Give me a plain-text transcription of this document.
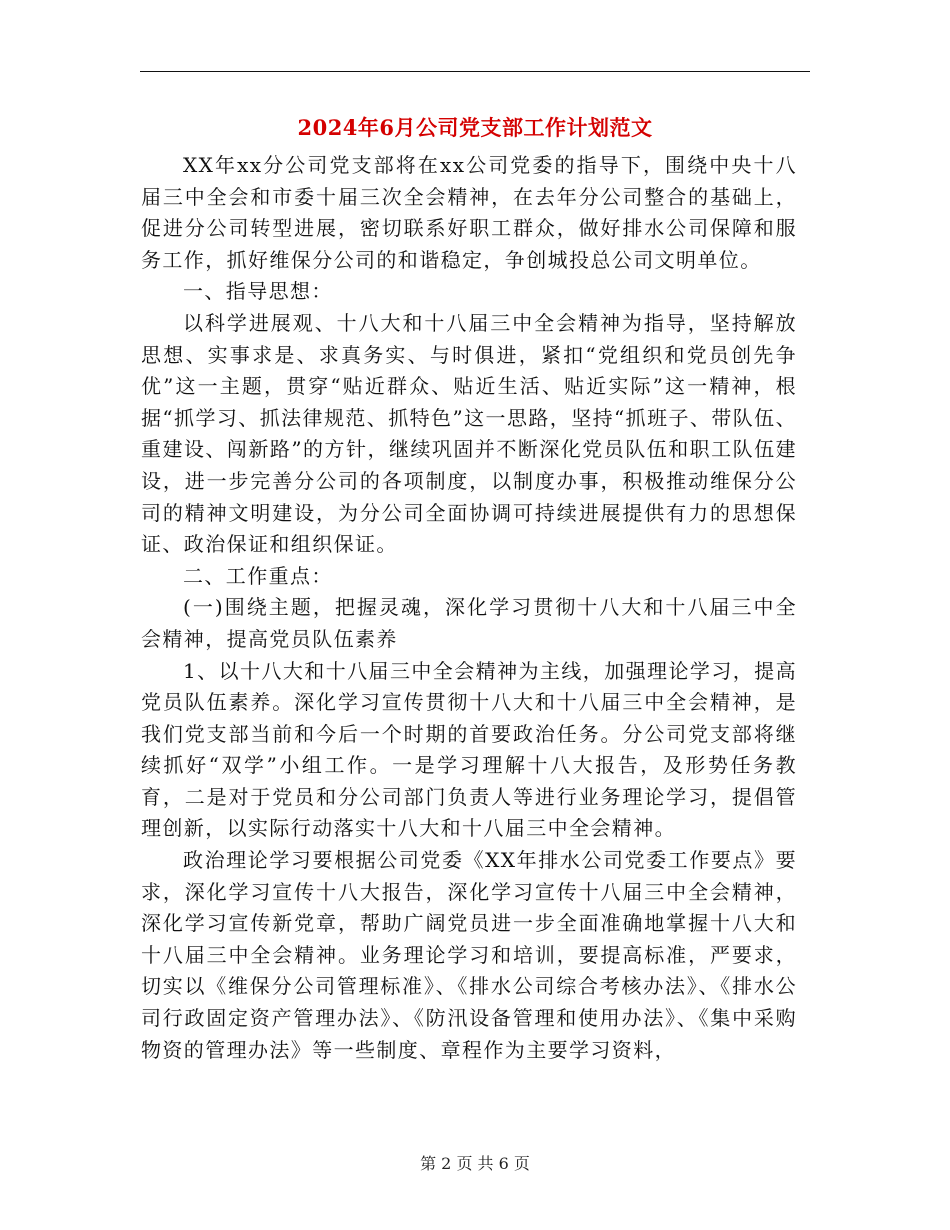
2024年6月公司党支部工作计划范文

XX年xx分公司党支部将在xx公司党委的指导下，围绕中央十八届三中全会和市委十届三次全会精神，在去年分公司整合的基础上，促进分公司转型进展，密切联系好职工群众，做好排水公司保障和服务工作，抓好维保分公司的和谐稳定，争创城投总公司文明单位。

一、指导思想：

以科学进展观、十八大和十八届三中全会精神为指导，坚持解放思想、实事求是、求真务实、与时俱进，紧扣“党组织和党员创先争优”这一主题，贯穿“贴近群众、贴近生活、贴近实际”这一精神，根据“抓学习、抓法律规范、抓特色”这一思路，坚持“抓班子、带队伍、重建设、闯新路”的方针，继续巩固并不断深化党员队伍和职工队伍建设，进一步完善分公司的各项制度，以制度办事，积极推动维保分公司的精神文明建设，为分公司全面协调可持续进展提供有力的思想保证、政治保证和组织保证。

二、工作重点：

(一)围绕主题，把握灵魂，深化学习贯彻十八大和十八届三中全会精神，提高党员队伍素养

1、以十八大和十八届三中全会精神为主线，加强理论学习，提高党员队伍素养。深化学习宣传贯彻十八大和十八届三中全会精神，是我们党支部当前和今后一个时期的首要政治任务。分公司党支部将继续抓好“双学”小组工作。一是学习理解十八大报告，及形势任务教育，二是对于党员和分公司部门负责人等进行业务理论学习，提倡管理创新，以实际行动落实十八大和十八届三中全会精神。

政治理论学习要根据公司党委《XX年排水公司党委工作要点》要求，深化学习宣传十八大报告，深化学习宣传十八届三中全会精神，深化学习宣传新党章，帮助广阔党员进一步全面准确地掌握十八大和十八届三中全会精神。业务理论学习和培训，要提高标准，严要求，切实以《维保分公司管理标准》、《排水公司综合考核办法》、《排水公司行政固定资产管理办法》、《防汛设备管理和使用办法》、《集中采购物资的管理办法》等一些制度、章程作为主要学习资料，

第 2 页 共 6 页
